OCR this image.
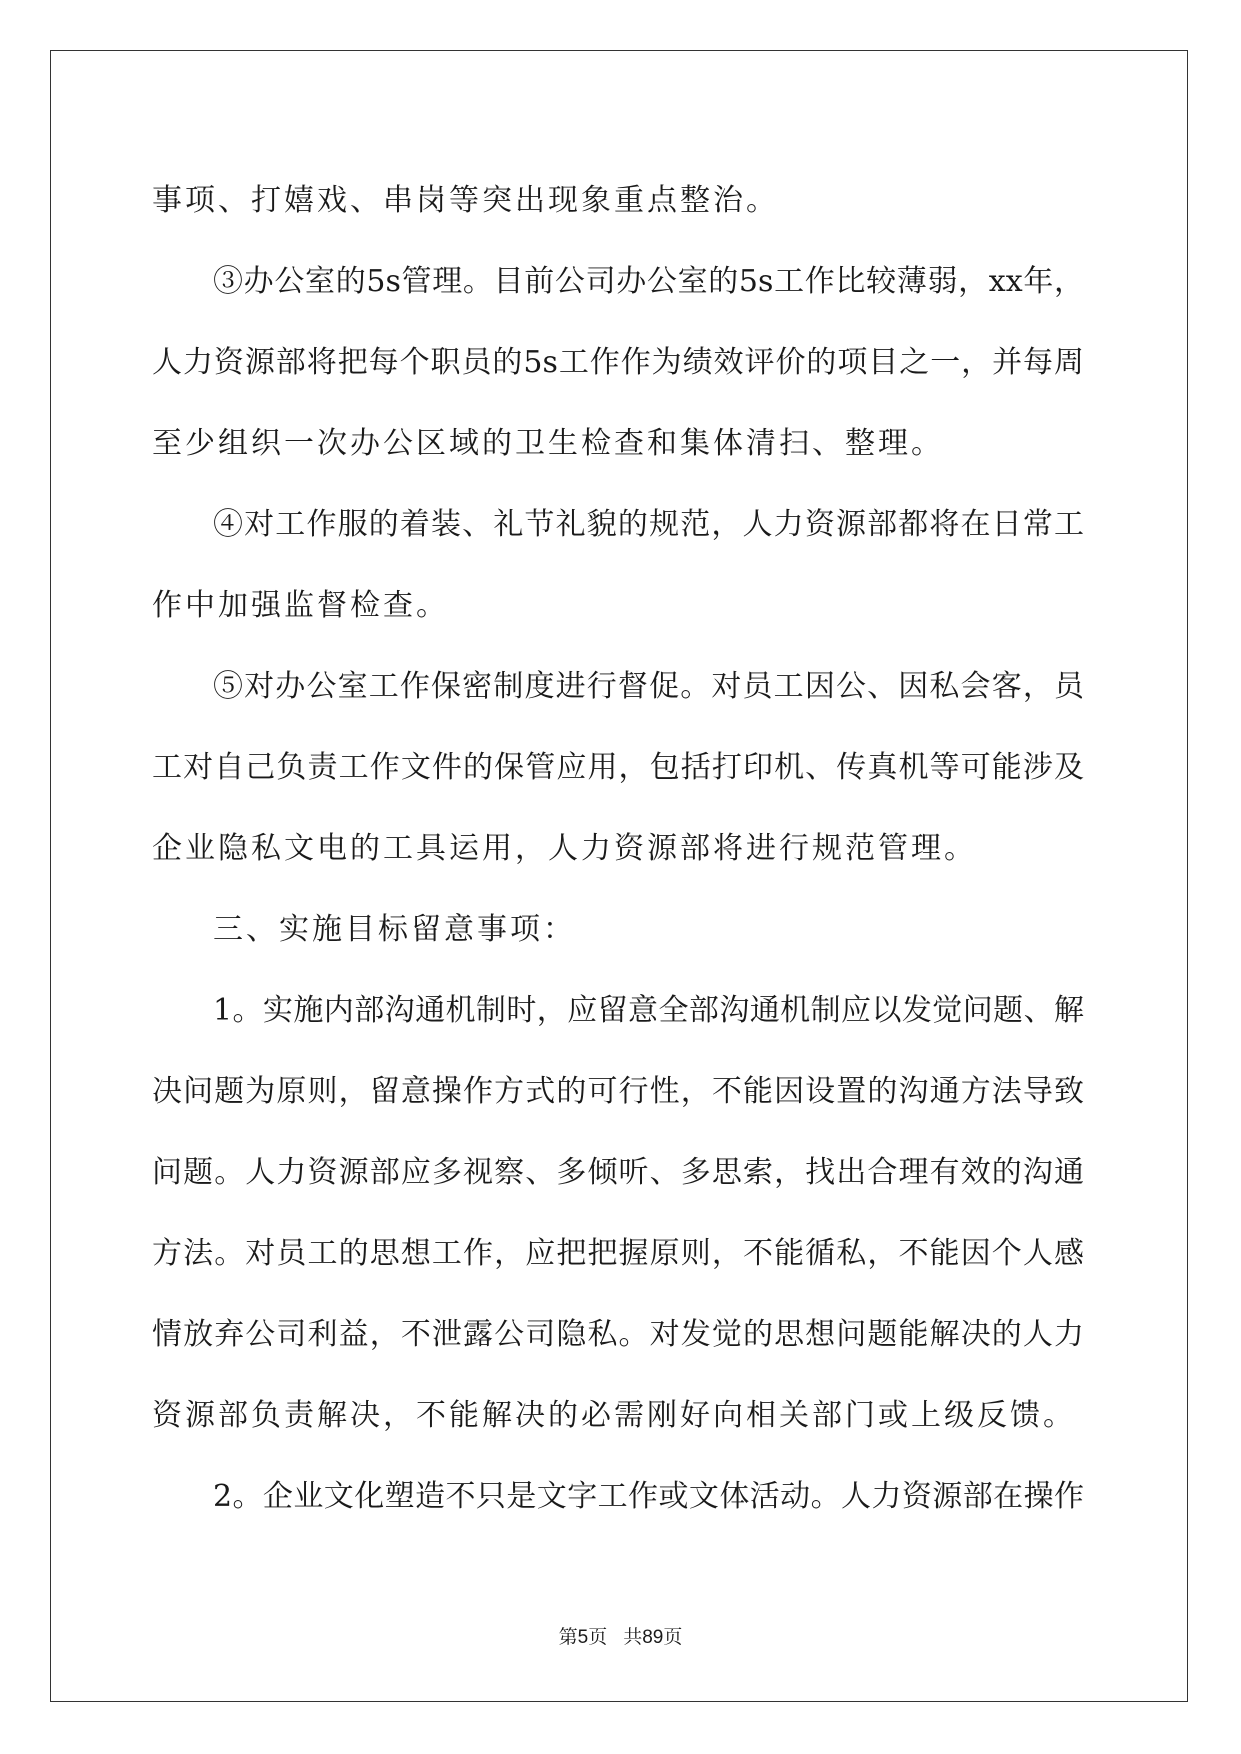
事项、打嬉戏、串岗等突出现象重点整治。
③办公室的5s管理。目前公司办公室的5s工作比较薄弱，xx年，
人力资源部将把每个职员的5s工作作为绩效评价的项目之一，并每周
至少组织一次办公区域的卫生检查和集体清扫、整理。
④对工作服的着装、礼节礼貌的规范，人力资源部都将在日常工
作中加强监督检查。
⑤对办公室工作保密制度进行督促。对员工因公、因私会客，员
工对自己负责工作文件的保管应用，包括打印机、传真机等可能涉及
企业隐私文电的工具运用，人力资源部将进行规范管理。
三、实施目标留意事项：
1。实施内部沟通机制时，应留意全部沟通机制应以发觉问题、解
决问题为原则，留意操作方式的可行性，不能因设置的沟通方法导致
问题。人力资源部应多视察、多倾听、多思索，找出合理有效的沟通
方法。对员工的思想工作，应把把握原则，不能循私，不能因个人感
情放弃公司利益，不泄露公司隐私。对发觉的思想问题能解决的人力
资源部负责解决，不能解决的必需刚好向相关部门或上级反馈。
2。企业文化塑造不只是文字工作或文体活动。人力资源部在操作
第5页 共89页
